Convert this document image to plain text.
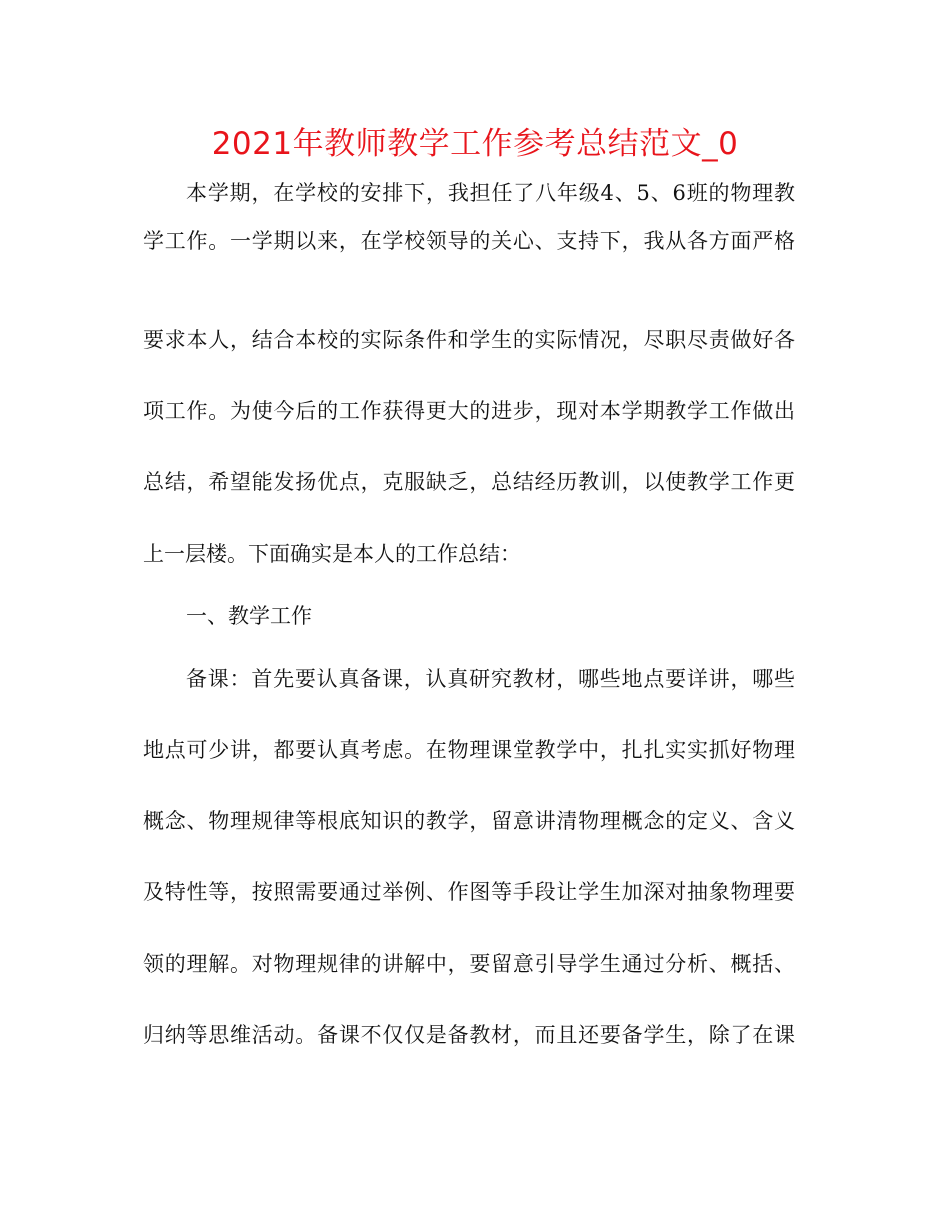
2021年教师教学工作参考总结范文_0
本学期，在学校的安排下，我担任了八年级4、5、6班的物理教
学工作。一学期以来，在学校领导的关心、支持下，我从各方面严格
要求本人，结合本校的实际条件和学生的实际情况，尽职尽责做好各
项工作。为使今后的工作获得更大的进步，现对本学期教学工作做出
总结，希望能发扬优点，克服缺乏，总结经历教训，以使教学工作更
上一层楼。下面确实是本人的工作总结：
一、教学工作
备课：首先要认真备课，认真研究教材，哪些地点要详讲，哪些
地点可少讲，都要认真考虑。在物理课堂教学中，扎扎实实抓好物理
概念、物理规律等根底知识的教学，留意讲清物理概念的定义、含义
及特性等，按照需要通过举例、作图等手段让学生加深对抽象物理要
领的理解。对物理规律的讲解中，要留意引导学生通过分析、概括、
归纳等思维活动。备课不仅仅是备教材，而且还要备学生，除了在课
